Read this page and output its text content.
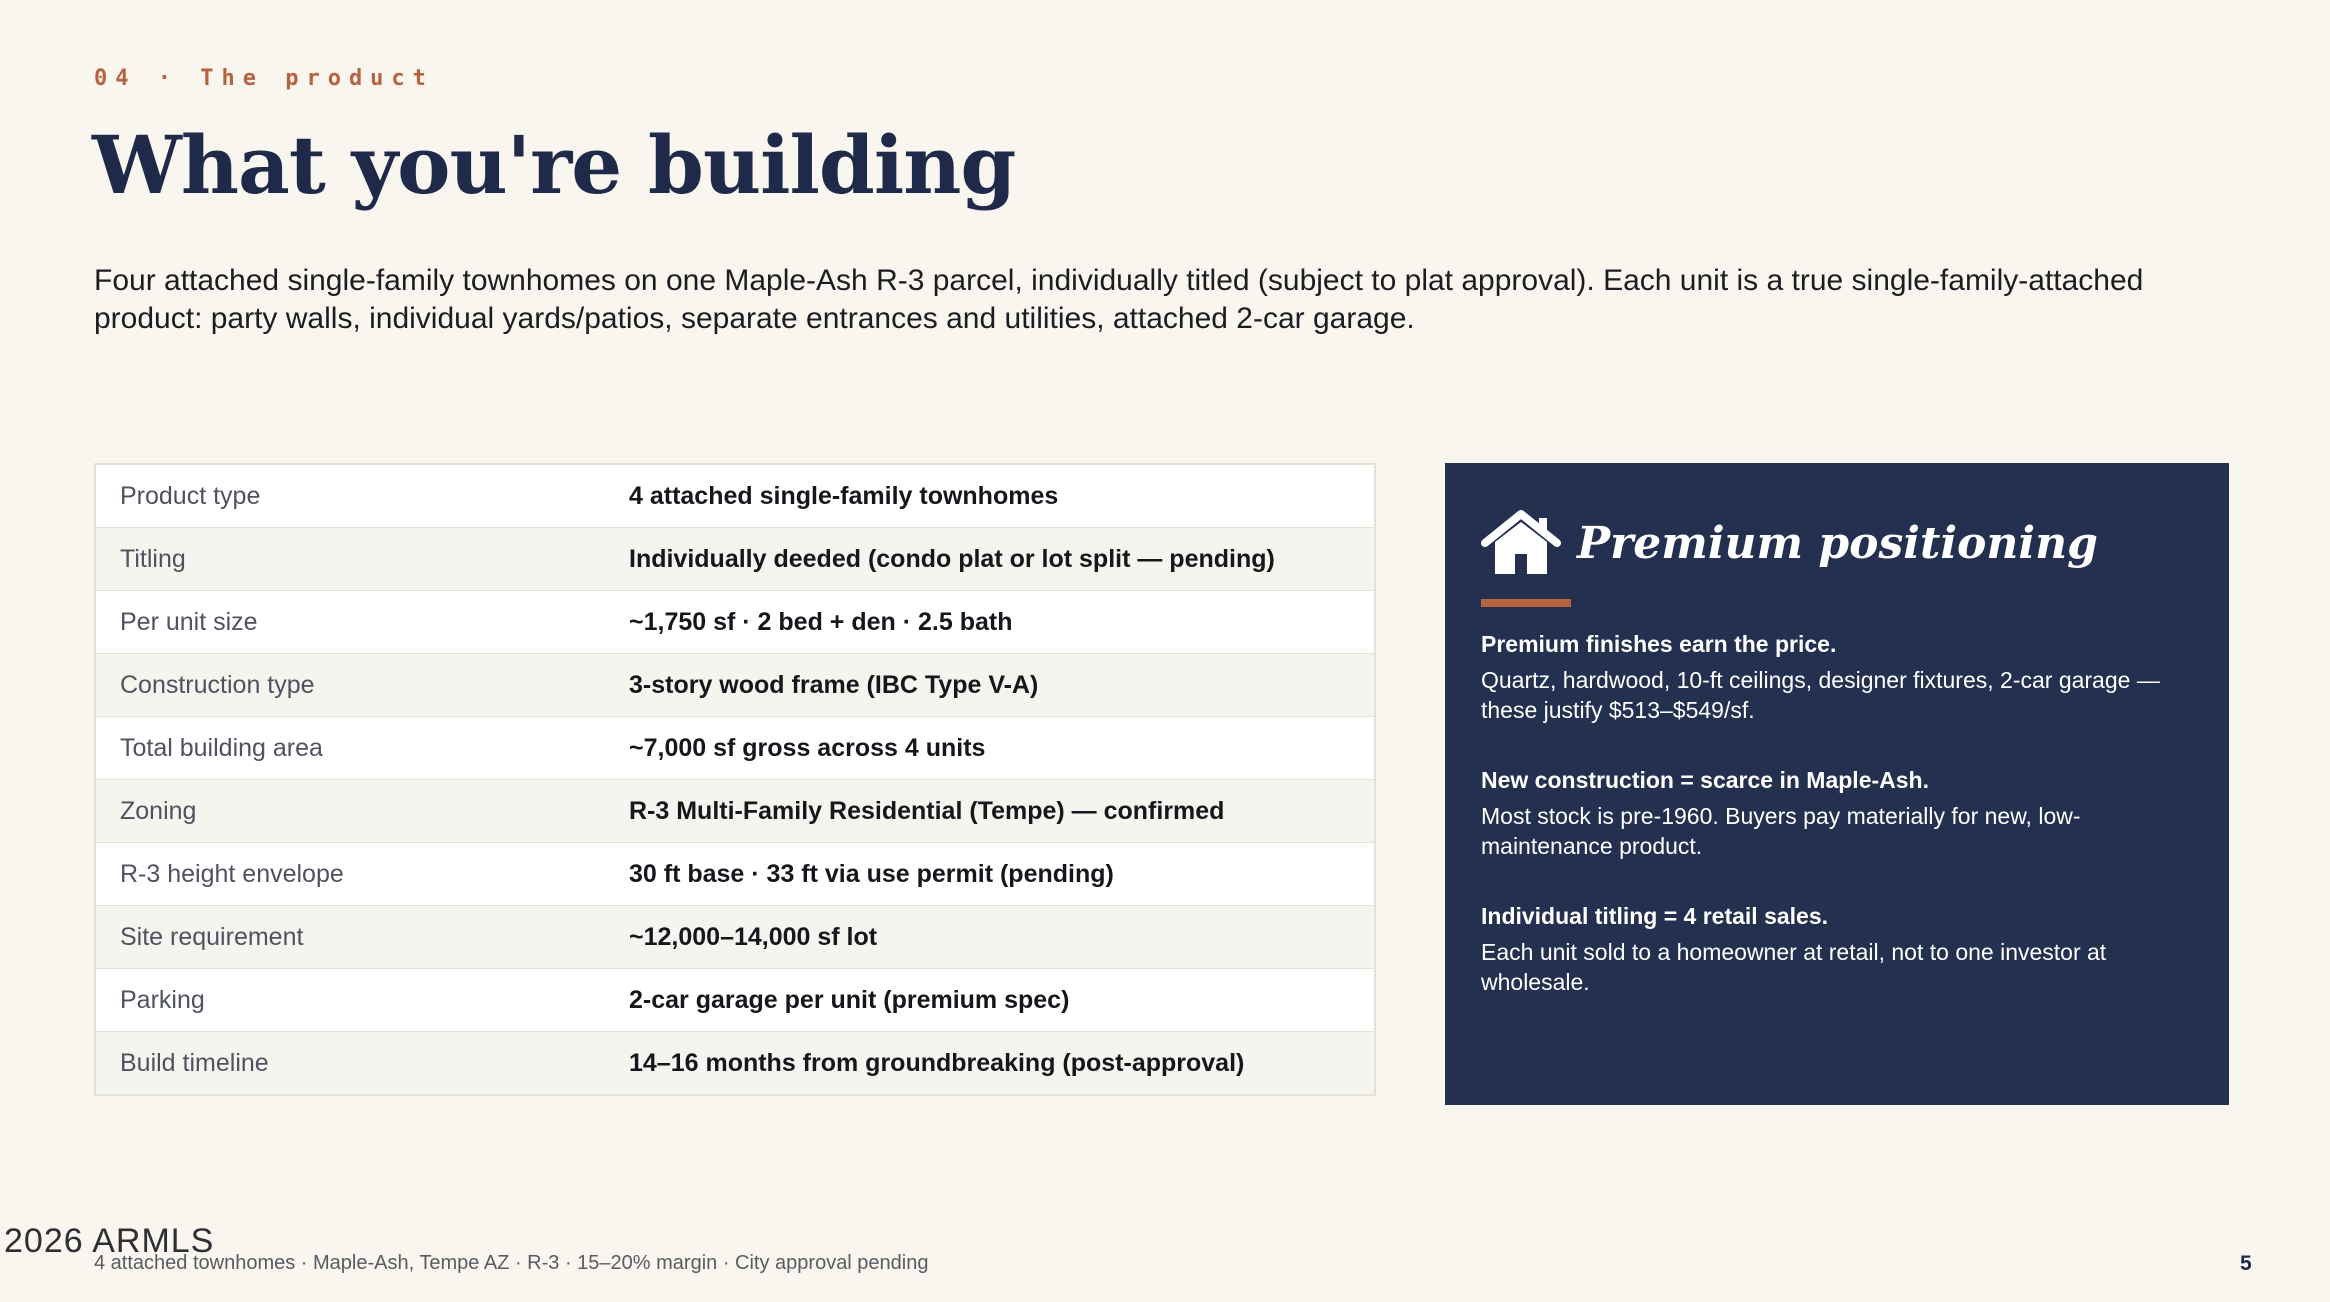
04 · The product
What you're building
Four attached single-family townhomes on one Maple-Ash R-3 parcel, individually titled (subject to plat approval). Each unit is a true single-family-attached product: party walls, individual yards/patios, separate entrances and utilities, attached 2-car garage.
Product type	4 attached single-family townhomes
Titling	Individually deeded (condo plat or lot split — pending)
Per unit size	~1,750 sf · 2 bed + den · 2.5 bath
Construction type	3-story wood frame (IBC Type V-A)
Total building area	~7,000 sf gross across 4 units
Zoning	R-3 Multi-Family Residential (Tempe) — confirmed
R-3 height envelope	30 ft base · 33 ft via use permit (pending)
Site requirement	~12,000–14,000 sf lot
Parking	2-car garage per unit (premium spec)
Build timeline	14–16 months from groundbreaking (post-approval)
Premium positioning
Premium finishes earn the price.
Quartz, hardwood, 10-ft ceilings, designer fixtures, 2-car garage — these justify $513–$549/sf.
New construction = scarce in Maple-Ash.
Most stock is pre-1960. Buyers pay materially for new, low-maintenance product.
Individual titling = 4 retail sales.
Each unit sold to a homeowner at retail, not to one investor at wholesale.
4 attached townhomes · Maple-Ash, Tempe AZ · R-3 · 15–20% margin · City approval pending
2026 ARMLS
5
